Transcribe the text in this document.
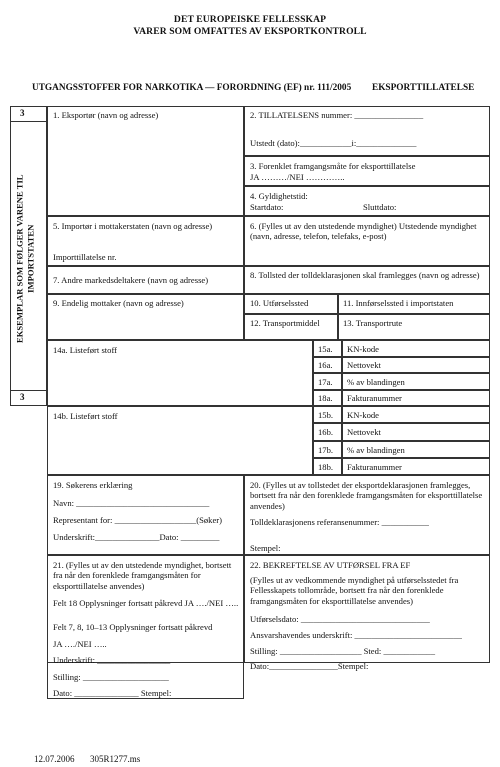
DET EUROPEISKE FELLESSKAP
VARER SOM OMFATTES AV EKSPORTKONTROLL
UTGANGSSTOFFER FOR NARKOTIKA — FORORDNING (EF) nr. 111/2005 EKSPORTTILLATELSE
3
3
EKSEMPLAR SOM FØLGER VARENE TIL IMPORTSTATEN
1. Eksportør (navn og adresse)	2. TILLATELSENS nummer: ________________
Utstedt (dato):____________i:______________
3. Forenklet framgangsmåte for eksporttillatelse
JA ………/NEI …………..
4. Gyldighetstid:
Startdato:	Sluttdato:
5. Importør i mottakerstaten (navn og adresse)
Importtillatelse nr.
6. (Fylles ut av den utstedende myndighet) Utstedende myndighet (navn, adresse, telefon, telefaks, e-post)
7. Andre markedsdeltakere (navn og adresse)	8. Tollsted der tolldeklarasjonen skal framlegges (navn og adresse)
9. Endelig mottaker (navn og adresse)	10. Utførselssted	11. Innførselssted i importstaten
12. Transportmiddel	13. Transportrute
14a. Listeført stoff	15a. KN-kode
16a. Nettovekt
17a. % av blandingen
18a. Fakturanummer
14b. Listeført stoff	15b. KN-kode
16b. Nettovekt
17b. % av blandingen
18b. Fakturanummer
19. Søkerens erklæring
Navn: _______________________________
Representant for: ___________________(Søker)
Underskrift:_______________Dato: _________
20. (Fylles ut av tollstedet der eksportdeklarasjonen framlegges, bortsett fra når den forenklede framgangsmåten for eksporttillatelse anvendes)
Tolldeklarasjonens referansenummer: ___________
Stempel:
21. (Fylles ut av den utstedende myndighet, bortsett fra når den forenklede framgangsmåten for eksporttillatelse anvendes)
Felt 18 Opplysninger fortsatt påkrevd JA …./NEI …..
Felt 7, 8, 10–13 Opplysninger fortsatt påkrevd
JA …./NEI …..
Underskrift: _________________
Stilling: ____________________
Dato: _______________ Stempel:
22. BEKREFTELSE AV UTFØRSEL FRA EF
(Fylles ut av vedkommende myndighet på utførselsstedet fra Fellesskapets tollområde, bortsett fra når den forenklede framgangsmåten for eksporttillatelse anvendes)
Utførselsdato: ______________________________
Ansvarshavendes underskrift: _________________________
Stilling: ___________________ Sted: ____________
Dato:________________Stempel:
12.07.2006 305R1277.ms
